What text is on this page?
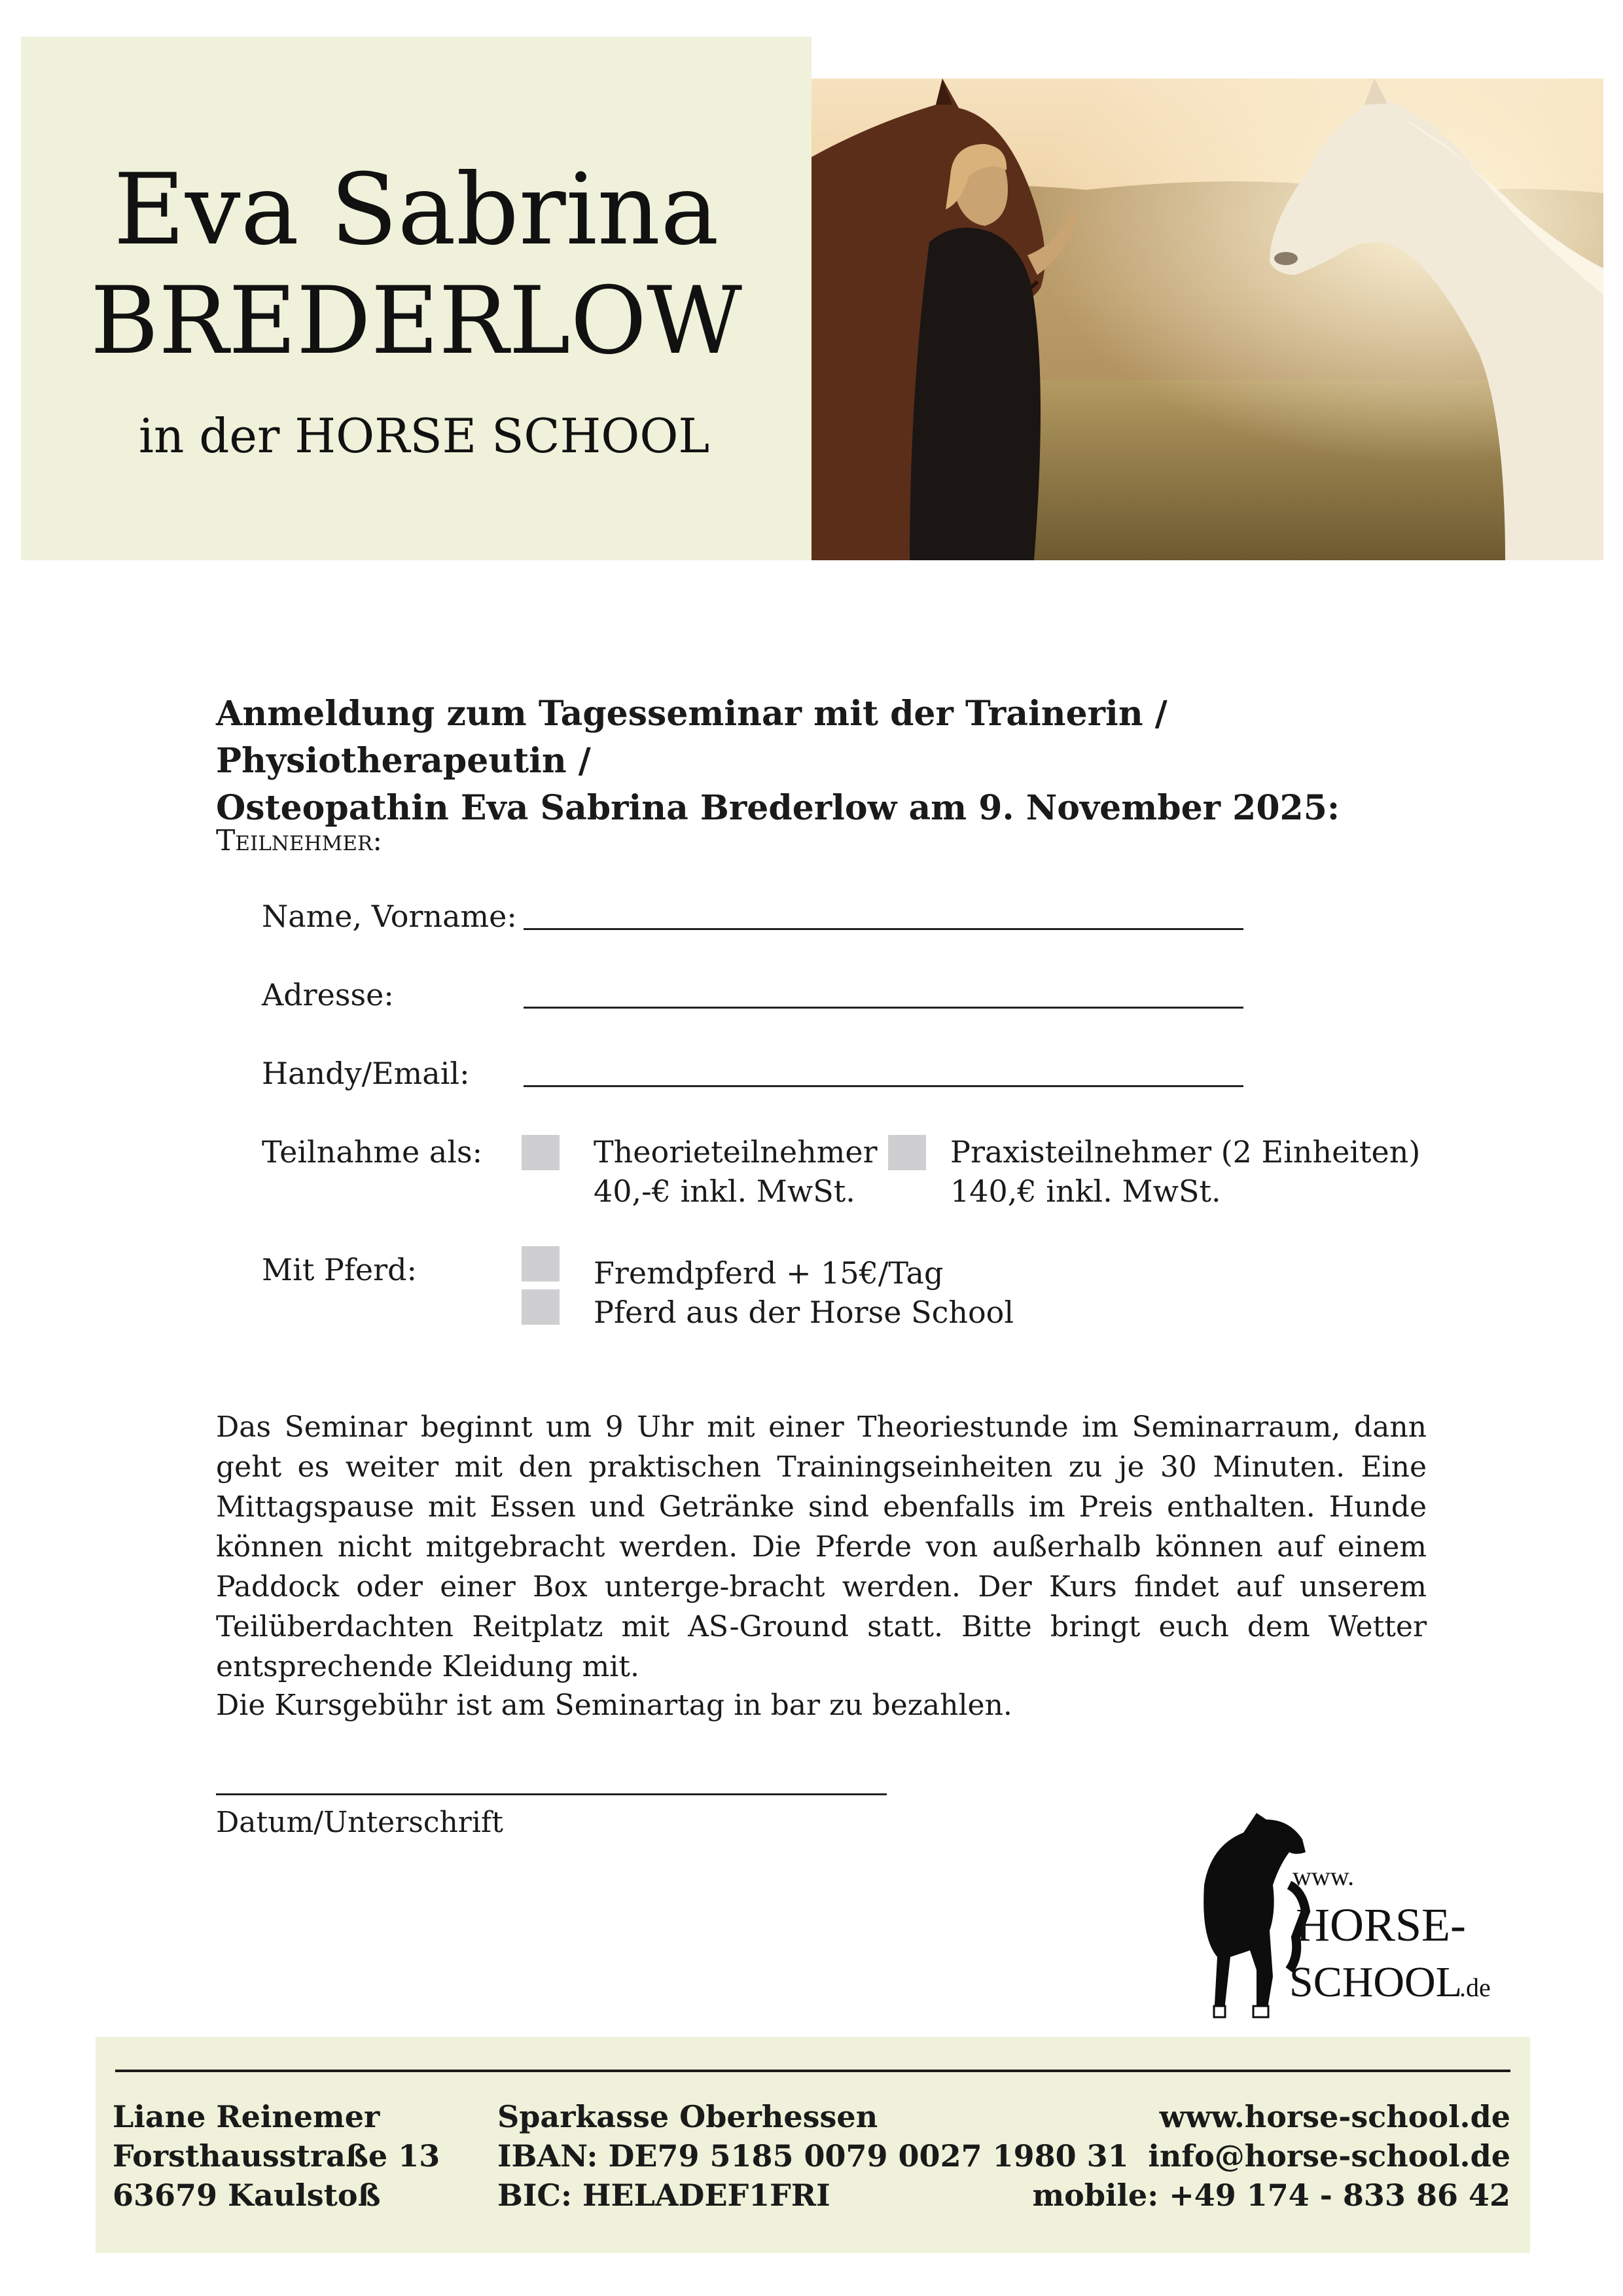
Eva Sabrina
BREDERLOW
in der HORSE SCHOOL

Anmeldung zum Tagesseminar mit der Trainerin / Physiotherapeutin /
Osteopathin Eva Sabrina Brederlow am 9. November 2025:

Teilnehmer:
Name, Vorname:
Adresse:
Handy/Email:
Teilnahme als:	Theorieteilnehmer
40,-€ inkl. MwSt.
Praxisteilnehmer (2 Einheiten)
140,€ inkl. MwSt.
Mit Pferd:	Fremdpferd + 15€/Tag
Pferd aus der Horse School

Das Seminar beginnt um 9 Uhr mit einer Theoriestunde im Seminarraum, dann geht es weiter mit den praktischen Trainingseinheiten zu je 30 Minuten. Eine Mittagspause mit Essen und Getränke sind ebenfalls im Preis enthalten. Hunde können nicht mitgebracht werden. Die Pferde von außerhalb können auf einem Paddock oder einer Box unterge-bracht werden. Der Kurs findet auf unserem Teilüberdachten Reitplatz mit AS-Ground statt. Bitte bringt euch dem Wetter entsprechende Kleidung mit.

Die Kursgebühr ist am Seminartag in bar zu bezahlen.

Datum/Unterschrift
www.
HORSE-
SCHOOL
.de
Liane Reinemer
Forsthausstraße 13
63679 Kaulstoß
Sparkasse Oberhessen
IBAN: DE79 5185 0079 0027 1980 31
BIC: HELADEF1FRI
www.horse-school.de
info@horse-school.de
mobile: +49 174 - 833 86 42
